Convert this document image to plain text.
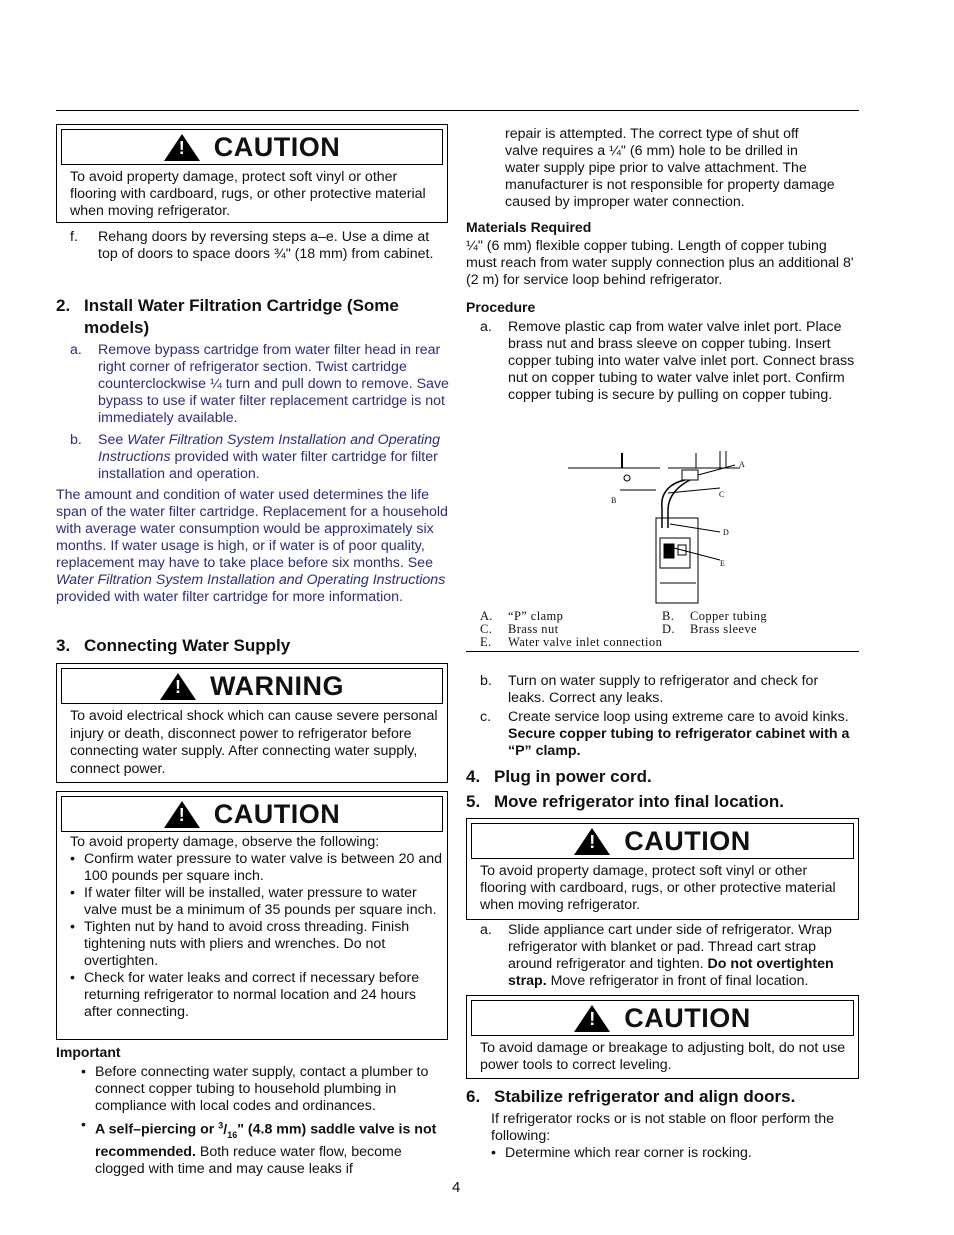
!
CAUTION
To avoid property damage, protect soft vinyl or other flooring with cardboard, rugs, or other protective material when moving refrigerator.
f. Rehang doors by reversing steps a–e. Use a dime at top of doors to space doors ¾" (18 mm) from cabinet.

2. Install Water Filtration Cartridge (Some models)

a. Remove bypass cartridge from water filter head in rear right corner of refrigerator section. Twist cartridge counterclockwise ¼ turn and pull down to remove. Save bypass to use if water filter replacement cartridge is not immediately available.

b. See Water Filtration System Installation and Operating Instructions provided with water filter cartridge for filter installation and operation.

The amount and condition of water used determines the life span of the water filter cartridge. Replacement for a household with average water consumption would be approximately six months. If water usage is high, or if water is of poor quality, replacement may have to take place before six months. See Water Filtration System Installation and Operating Instructions provided with water filter cartridge for more information.

3. Connecting Water Supply

!
WARNING
To avoid electrical shock which can cause severe personal injury or death, disconnect power to refrigerator before connecting water supply. After connecting water supply, connect power.
!
CAUTION

To avoid property damage, observe the following:

• Confirm water pressure to water valve is between 20 and 100 pounds per square inch.
• If water filter will be installed, water pressure to water valve must be a minimum of 35 pounds per square inch.
• Tighten nut by hand to avoid cross threading. Finish tightening nuts with pliers and wrenches. Do not overtighten.
• Check for water leaks and correct if necessary before returning refrigerator to normal location and 24 hours after connecting.

Important

• Before connecting water supply, contact a plumber to connect copper tubing to household plumbing in compliance with local codes and ordinances.
• A self–piercing or $^3/_{16}$" (4.8 mm) saddle valve is not recommended. Both reduce water flow, become clogged with time and may cause leaks if

repair is attempted. The correct type of shut off valve requires a ¼" (6 mm) hole to be drilled in water supply pipe prior to valve attachment. The manufacturer is not responsible for property damage caused by improper water connection.

Materials Required

¼" (6 mm) flexible copper tubing. Length of copper tubing must reach from water supply connection plus an additional 8' (2 m) for service loop behind refrigerator.

Procedure

a. Remove plastic cap from water valve inlet port. Place brass nut and brass sleeve on copper tubing. Insert copper tubing into water valve inlet port. Connect brass nut on copper tubing to water valve inlet port. Confirm copper tubing is secure by pulling on copper tubing.

A
B
C
D
E
A. “P” clamp	B. Copper tubing
C. Brass nut	D. Brass sleeve
E. Water valve inlet connection
b. Turn on water supply to refrigerator and check for leaks. Correct any leaks.

c. Create service loop using extreme care to avoid kinks. Secure copper tubing to refrigerator cabinet with a “P” clamp.

4. Plug in power cord.

5. Move refrigerator into final location.

!
CAUTION
To avoid property damage, protect soft vinyl or other flooring with cardboard, rugs, or other protective material when moving refrigerator.
a. Slide appliance cart under side of refrigerator. Wrap refrigerator with blanket or pad. Thread cart strap around refrigerator and tighten. Do not overtighten strap. Move refrigerator in front of final location.

!
CAUTION
To avoid damage or breakage to adjusting bolt, do not use power tools to correct leveling.
6. Stabilize refrigerator and align doors.

If refrigerator rocks or is not stable on floor perform the following:

• Determine which rear corner is rocking.
4
